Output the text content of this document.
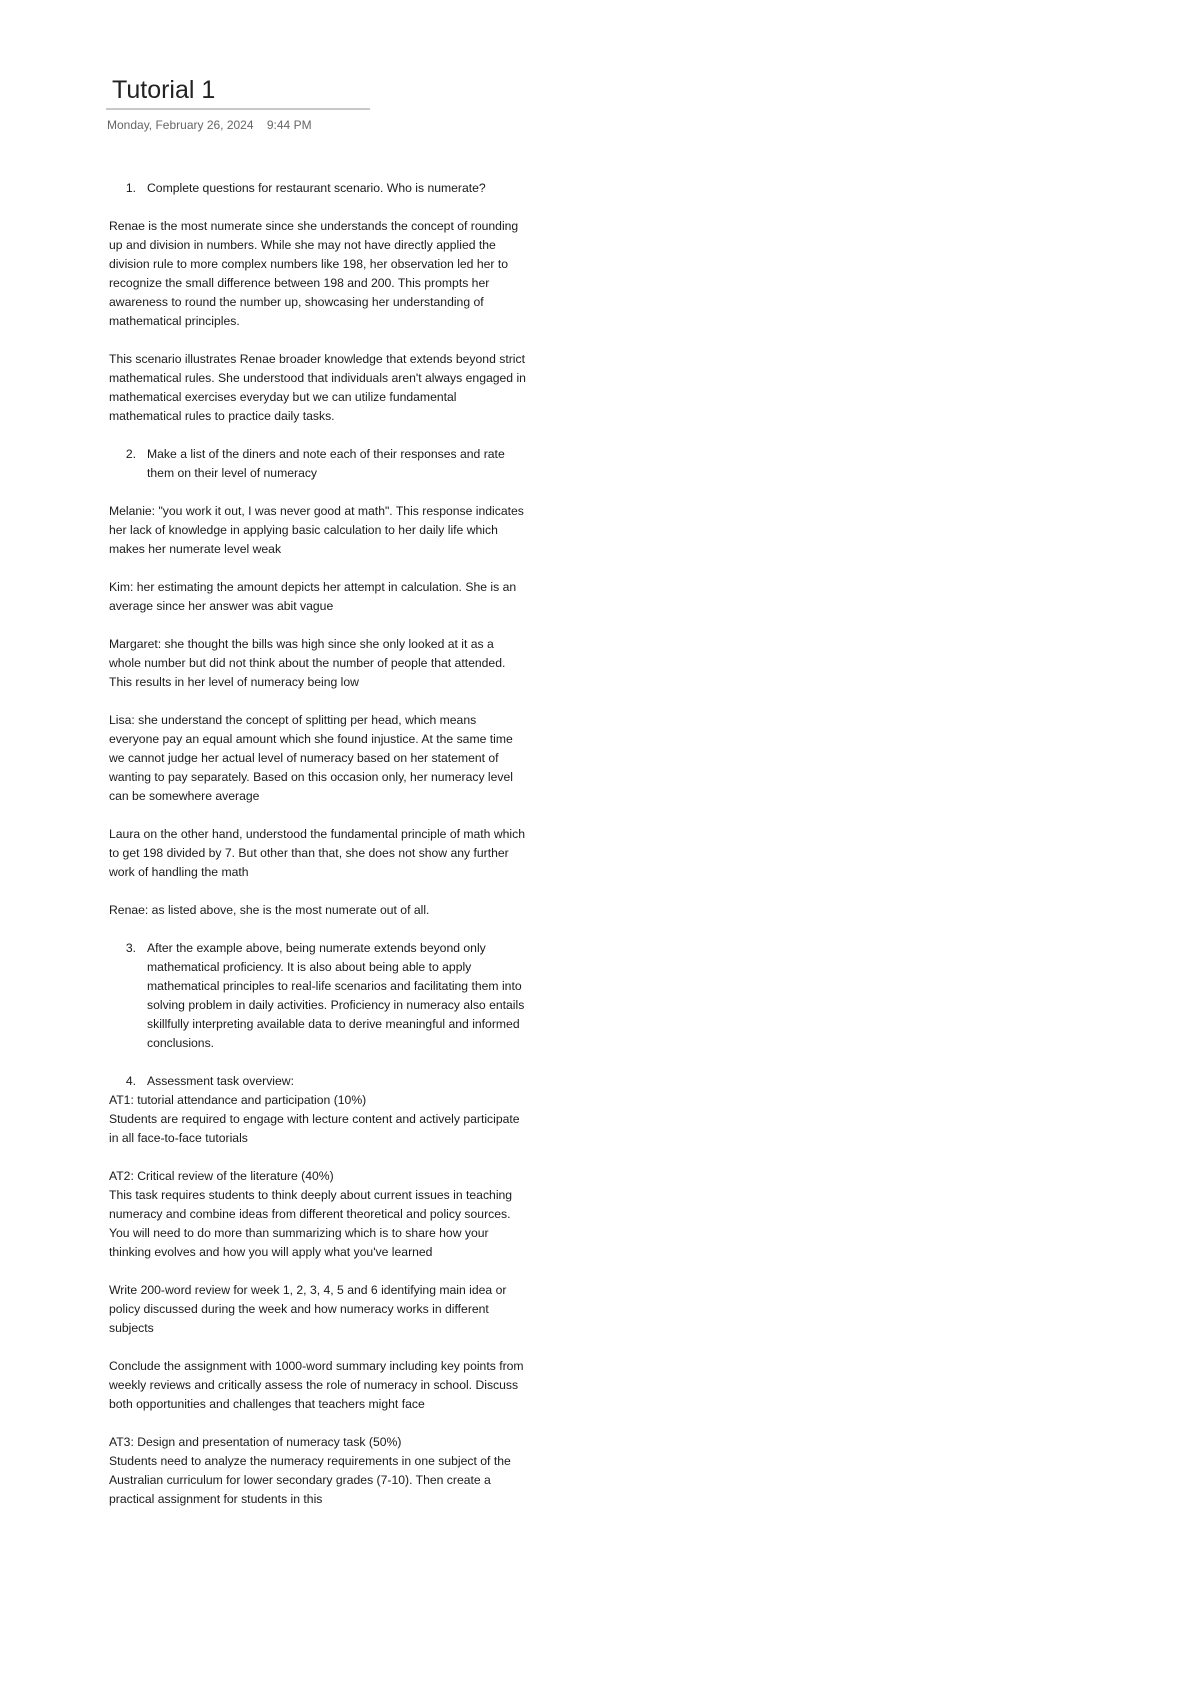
Tutorial 1
Monday, February 26, 2024 9:44 PM
1. Complete questions for restaurant scenario. Who is numerate?

Renae is the most numerate since she understands the concept of rounding up and division in numbers. While she may not have directly applied the division rule to more complex numbers like 198, her observation led her to recognize the small difference between 198 and 200. This prompts her awareness to round the number up, showcasing her understanding of mathematical principles.

This scenario illustrates Renae broader knowledge that extends beyond strict mathematical rules. She understood that individuals aren't always engaged in mathematical exercises everyday but we can utilize fundamental mathematical rules to practice daily tasks.

2. Make a list of the diners and note each of their responses and rate them on their level of numeracy

Melanie: "you work it out, I was never good at math". This response indicates her lack of knowledge in applying basic calculation to her daily life which makes her numerate level weak

Kim: her estimating the amount depicts her attempt in calculation. She is an average since her answer was abit vague

Margaret: she thought the bills was high since she only looked at it as a whole number but did not think about the number of people that attended. This results in her level of numeracy being low

Lisa: she understand the concept of splitting per head, which means everyone pay an equal amount which she found injustice. At the same time we cannot judge her actual level of numeracy based on her statement of wanting to pay separately. Based on this occasion only, her numeracy level can be somewhere average

Laura on the other hand, understood the fundamental principle of math which to get 198 divided by 7. But other than that, she does not show any further work of handling the math

Renae: as listed above, she is the most numerate out of all.

3. After the example above, being numerate extends beyond only mathematical proficiency. It is also about being able to apply mathematical principles to real-life scenarios and facilitating them into solving problem in daily activities. Proficiency in numeracy also entails skillfully interpreting available data to derive meaningful and informed conclusions.
4. Assessment task overview:

AT1: tutorial attendance and participation (10%)

Students are required to engage with lecture content and actively participate in all face-to-face tutorials

AT2: Critical review of the literature (40%)

This task requires students to think deeply about current issues in teaching numeracy and combine ideas from different theoretical and policy sources. You will need to do more than summarizing which is to share how your thinking evolves and how you will apply what you've learned

Write 200-word review for week 1, 2, 3, 4, 5 and 6 identifying main idea or policy discussed during the week and how numeracy works in different subjects

Conclude the assignment with 1000-word summary including key points from weekly reviews and critically assess the role of numeracy in school. Discuss both opportunities and challenges that teachers might face

AT3: Design and presentation of numeracy task (50%)

Students need to analyze the numeracy requirements in one subject of the Australian curriculum for lower secondary grades (7-10). Then create a practical assignment for students in this
